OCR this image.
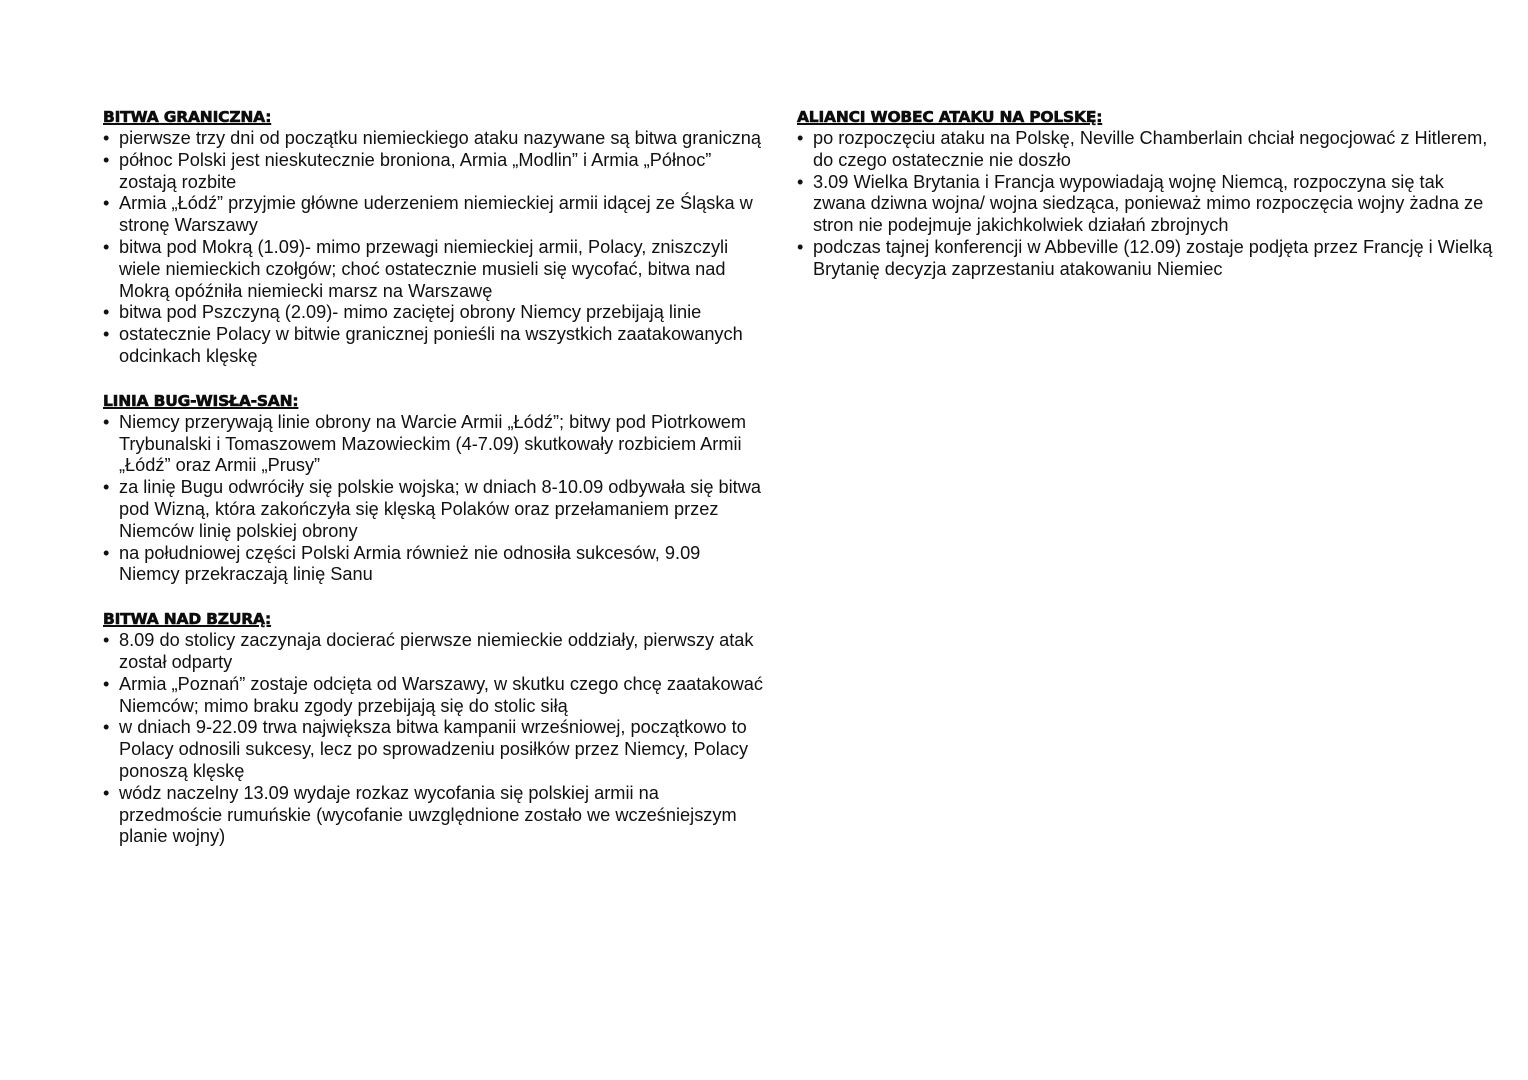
BITWA GRANICZNA:
• pierwsze trzy dni od początku niemieckiego ataku nazywane są bitwa graniczną
• północ Polski jest nieskutecznie broniona, Armia „Modlin” i Armia „Północ” zostają rozbite
• Armia „Łódź” przyjmie główne uderzeniem niemieckiej armii idącej ze Śląska w stronę Warszawy
• bitwa pod Mokrą (1.09)- mimo przewagi niemieckiej armii, Polacy, zniszczyli wiele niemieckich czołgów; choć ostatecznie musieli się wycofać, bitwa nad Mokrą opóźniła niemiecki marsz na Warszawę
• bitwa pod Pszczyną (2.09)- mimo zaciętej obrony Niemcy przebijają linie
• ostatecznie Polacy w bitwie granicznej ponieśli na wszystkich zaatakowanych odcinkach klęskę
LINIA BUG-WISŁA-SAN:
• Niemcy przerywają linie obrony na Warcie Armii „Łódź”; bitwy pod Piotrkowem Trybunalski i Tomaszowem Mazowieckim (4-7.09) skutkowały rozbiciem Armii „Łódź” oraz Armii „Prusy”
• za linię Bugu odwróciły się polskie wojska; w dniach 8-10.09 odbywała się bitwa pod Wizną, która zakończyła się klęską Polaków oraz przełamaniem przez Niemców linię polskiej obrony
• na południowej części Polski Armia również nie odnosiła sukcesów, 9.09 Niemcy przekraczają linię Sanu
BITWA NAD BZURĄ:
• 8.09 do stolicy zaczynaja docierać pierwsze niemieckie oddziały, pierwszy atak został odparty
• Armia „Poznań” zostaje odcięta od Warszawy, w skutku czego chcę zaatakować Niemców; mimo braku zgody przebijają się do stolic siłą
• w dniach 9-22.09 trwa największa bitwa kampanii wrześniowej, początkowo to Polacy odnosili sukcesy, lecz po sprowadzeniu posiłków przez Niemcy, Polacy ponoszą klęskę
• wódz naczelny 13.09 wydaje rozkaz wycofania się polskiej armii na przedmoście rumuńskie (wycofanie uwzględnione zostało we wcześniejszym planie wojny)
ALIANCI WOBEC ATAKU NA POLSKĘ:
• po rozpoczęciu ataku na Polskę, Neville Chamberlain chciał negocjować z Hitlerem, do czego ostatecznie nie doszło
• 3.09 Wielka Brytania i Francja wypowiadają wojnę Niemcą, rozpoczyna się tak zwana dziwna wojna/ wojna siedząca, ponieważ mimo rozpoczęcia wojny żadna ze stron nie podejmuje jakichkolwiek działań zbrojnych
• podczas tajnej konferencji w Abbeville (12.09) zostaje podjęta przez Francję i Wielką Brytanię decyzja zaprzestaniu atakowaniu Niemiec
